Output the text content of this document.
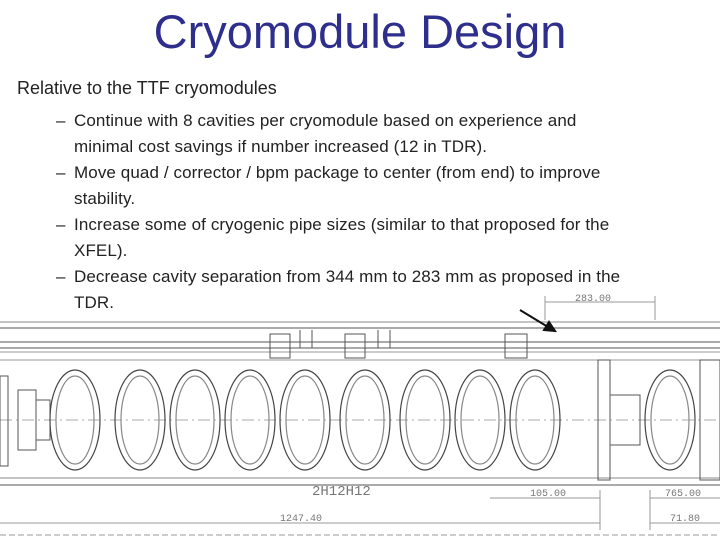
Cryomodule Design
Relative to the TTF cryomodules
– Continue with 8 cavities per cryomodule based on experience and
minimal cost savings if number increased (12 in TDR).
– Move quad / corrector / bpm package to center (from end) to improve
stability.
– Increase some of cryogenic pipe sizes (similar to that proposed for the
XFEL).
– Decrease cavity separation from 344 mm to 283 mm as proposed in the
TDR.	283.00
1247.40
105.00	765.00
71.80
2H12H12
